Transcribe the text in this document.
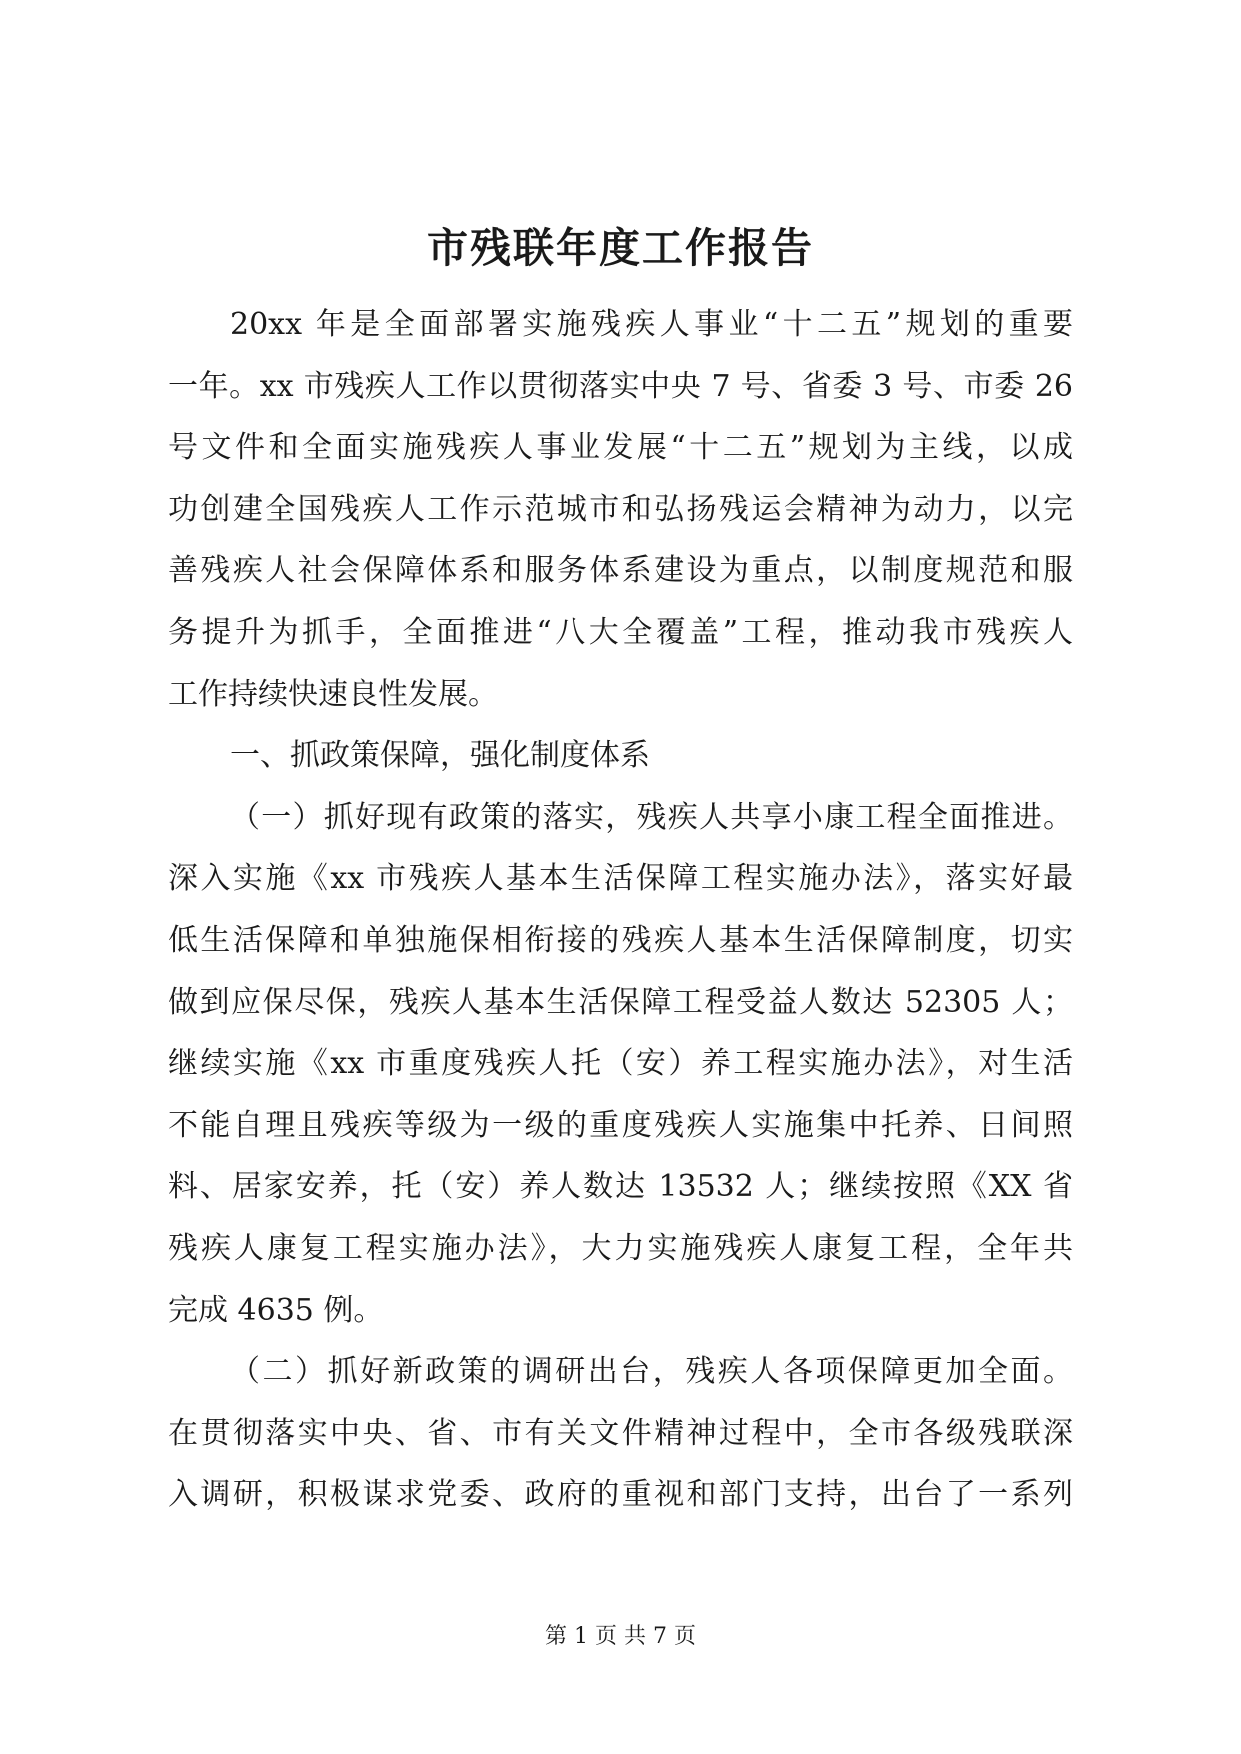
市残联年度工作报告
20xx 年是全面部署实施残疾人事业“十二五”规划的重要
一年。xx 市残疾人工作以贯彻落实中央 7 号、省委 3 号、市委 26
号文件和全面实施残疾人事业发展“十二五”规划为主线，以成
功创建全国残疾人工作示范城市和弘扬残运会精神为动力，以完
善残疾人社会保障体系和服务体系建设为重点，以制度规范和服
务提升为抓手，全面推进“八大全覆盖”工程，推动我市残疾人
工作持续快速良性发展。
一、抓政策保障，强化制度体系
（一）抓好现有政策的落实，残疾人共享小康工程全面推进。
深入实施《xx 市残疾人基本生活保障工程实施办法》，落实好最
低生活保障和单独施保相衔接的残疾人基本生活保障制度，切实
做到应保尽保，残疾人基本生活保障工程受益人数达 52305 人；
继续实施《xx 市重度残疾人托（安）养工程实施办法》，对生活
不能自理且残疾等级为一级的重度残疾人实施集中托养、日间照
料、居家安养，托（安）养人数达 13532 人；继续按照《XX 省
残疾人康复工程实施办法》，大力实施残疾人康复工程，全年共
完成 4635 例。
（二）抓好新政策的调研出台，残疾人各项保障更加全面。
在贯彻落实中央、省、市有关文件精神过程中，全市各级残联深
入调研，积极谋求党委、政府的重视和部门支持，出台了一系列
第 1 页 共 7 页
